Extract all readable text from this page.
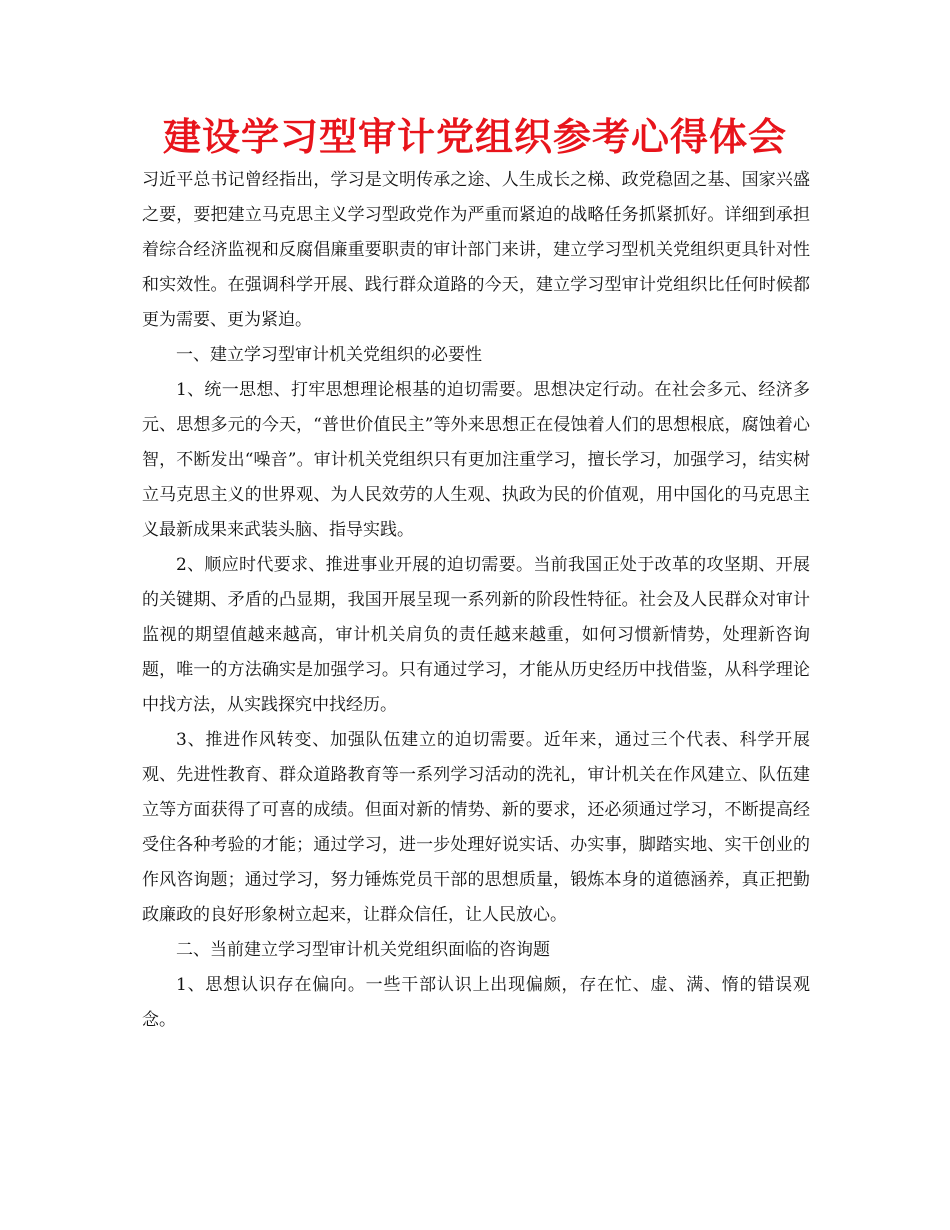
建设学习型审计党组织参考心得体会

习近平总书记曾经指出，学习是文明传承之途、人生成长之梯、政党稳固之基、国家兴盛之要，要把建立马克思主义学习型政党作为严重而紧迫的战略任务抓紧抓好。详细到承担着综合经济监视和反腐倡廉重要职责的审计部门来讲，建立学习型机关党组织更具针对性和实效性。在强调科学开展、践行群众道路的今天，建立学习型审计党组织比任何时候都更为需要、更为紧迫。

一、建立学习型审计机关党组织的必要性

1、统一思想、打牢思想理论根基的迫切需要。思想决定行动。在社会多元、经济多元、思想多元的今天，“普世价值民主”等外来思想正在侵蚀着人们的思想根底，腐蚀着心智，不断发出“噪音”。审计机关党组织只有更加注重学习，擅长学习，加强学习，结实树立马克思主义的世界观、为人民效劳的人生观、执政为民的价值观，用中国化的马克思主义最新成果来武装头脑、指导实践。

2、顺应时代要求、推进事业开展的迫切需要。当前我国正处于改革的攻坚期、开展的关键期、矛盾的凸显期，我国开展呈现一系列新的阶段性特征。社会及人民群众对审计监视的期望值越来越高，审计机关肩负的责任越来越重，如何习惯新情势，处理新咨询题，唯一的方法确实是加强学习。只有通过学习，才能从历史经历中找借鉴，从科学理论中找方法，从实践探究中找经历。

3、推进作风转变、加强队伍建立的迫切需要。近年来，通过三个代表、科学开展观、先进性教育、群众道路教育等一系列学习活动的洗礼，审计机关在作风建立、队伍建立等方面获得了可喜的成绩。但面对新的情势、新的要求，还必须通过学习，不断提高经受住各种考验的才能；通过学习，进一步处理好说实话、办实事，脚踏实地、实干创业的作风咨询题；通过学习，努力锤炼党员干部的思想质量，锻炼本身的道德涵养，真正把勤政廉政的良好形象树立起来，让群众信任，让人民放心。

二、当前建立学习型审计机关党组织面临的咨询题

1、思想认识存在偏向。一些干部认识上出现偏颇，存在忙、虚、满、惰的错误观念。
